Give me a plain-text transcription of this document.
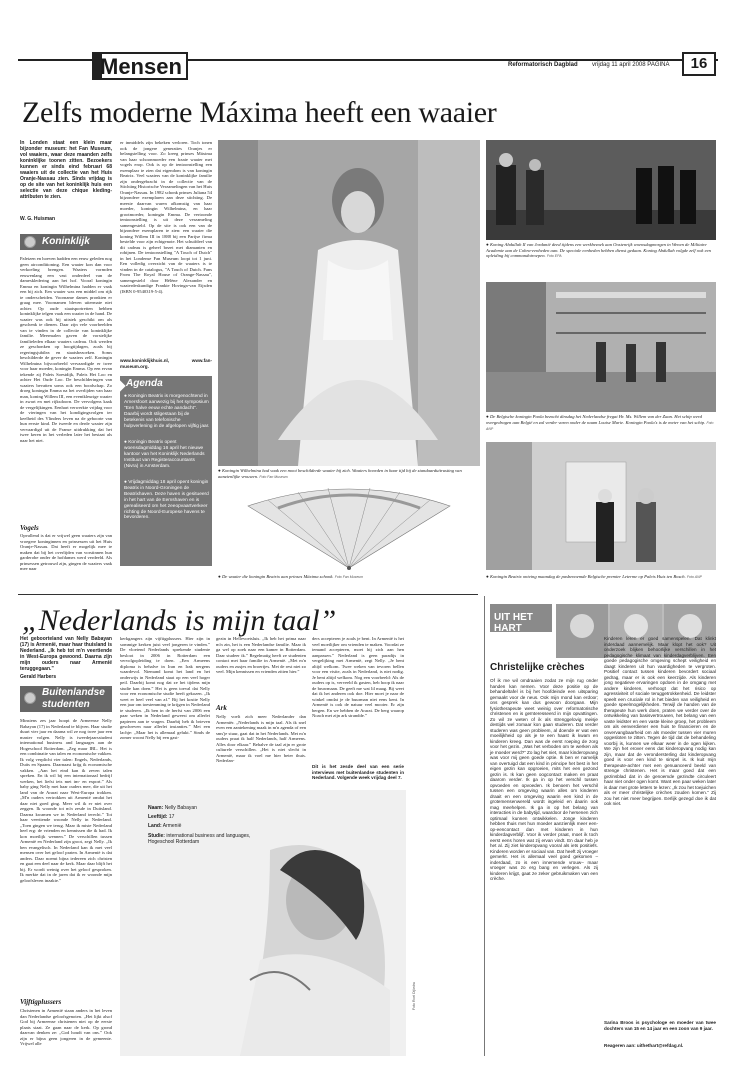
Mensen	Reformatorisch Dagblad vrijdag 11 april 2008 PAGINA	16
Zelfs moderne Máxima heeft een waaier
In Londen staat een klein maar bijzonder museum: het Fan Museum, vol waaiers, waar deze maanden zelfs koninklijke toonen zitten. Bezoekers kunnen er sinds eind februari 68 waaiers uit de collectie van het Huis Oranje-Nassau zien. Sinds vrijdag is op de site van het koninklijk huis een selectie van deze chique kledingattributen te zien.
W. G. Huisman
Koninklijk
Paleizen en hoeven hadden een eeuw geleden nog geen airconditioning. Een waaier kon dan voor verkoeling brengen. Waaiers vormden eeuwenlang een vast onderdeel van de dameskledering aan het hof. Vooral koningin Emma en koningin Wilhelmina hadden er vaak een bij zich. Een waaier was een middel om rijk te onderscheiden. Voorname dames pronkten er graag mee. Voornamen bleven uitermate niet achter. Op oude staatsportretten hebben koninklijke telgen vaak een waaier in de hand. De waaier was ook bij uitstek geschikt om als geschenk te dienen. Daar zijn vele voorbeelden van te vinden in de collectie van koninklijke familie. Meermalen gaven de vorstelijke familieleden elkaar waaiers cadeau. Ook werden ze geschonken op hoogtijdagen, zoals bij regeringsjubilea en staatsbezoeken. Soms beschilderde de gever de waaiers zelf. Koningin Wilhelmina bijvoorbeeld vervaardigde er twee voor haar moeder, koningin Emma. Op een ervan tekende zij Paleis Soestdijk, Paleis Het Loo en achter Het Oude Loo. De beschilderingen van waaiers bevatten soms ook een boodschap. Zo droeg koningin Emma na het overlijden van haar man, koning Willem III, een eventkleurige waaier in zwart en met rijksdoorn. De vervolgens kaak de vergelijkingen. Eenhart verwerkte vrijdag voor de vieringen van het kondigingsvolgen ter keelheid des Vlinders leven na de geboorte van hun eerste kind. De tweede en derde waaier zijn vervaardigd uit de Franse uitdrukking dat het twee keren in het verleden later het bestaat als naar het niet.
Vogels
Opvallend is dat er vrijwel geen waaiers zijn van vroegere koninginnen en prinsessen uit het Huis Oranje-Nassau. Dat heeft er mogelijk mee te maken dat bij het overlijden van vorstinnen hun garderobe onder de hofdames werd verdeeld. Als prinsessen getrouwd zijn, gingen de waaiers vaak mee naar
er inmiddels zijn bekeken verloren. Toch tonen ook de jongere generaties Oranjes er belangstelling voor. Zo kreeg prinses Máxima van haar schoonmoeder een fraaie waaier met vogels erop. Ook is op de tentoonstelling een exemplaar te zien dat eigendom is van koningin Beatrix. Veel waaiers van de koninklijke familie zijn ondergebracht in de collectie van de Stichting Historische Verzamelingen van het Huis Oranje-Nassau. In 1982 schonk prinses Juliana 54 bijzondere exemplaren aan deze stichting. De meeste daarvan waren afkomstig van haar moeder, koningin Wilhelmina, en haar grootmoeder, koningin Emma. De vertoonde tentoonstelling is uit deze verzameling samengesteld. Op de site is ook een van de bijzondere exemplaren te zien: een waaier die koning Willem III in 1888 bij een Parijse firma bestelde voor zijn echtgenote. Het schuifdeel van dit cadeau is geheel bezet met diamanten en robijnen. De tentoonstelling "A Touch of Dutch" in het Londense Fan Museum loopt tot 1 juni. Een volledig overzicht van de waaiers is te vinden in de catalogus, "A Touch of Dutch. Fans From The Royal House of Orange-Nassau", samengesteld door Hélène Alexander en waaierdeskundige Frankie Hovinga-van Eijsden (ISBN 0-9540319-5-4).
www.koninklijkhuis.nl, www.fan-museum.org.
Agenda
● Koningin Beatrix is morgenochtend in Amersfoort aanwezig bij het symposium "Een halve eeuw echte aandacht". Daarbij wordt stilgestaan bij de betekenis van telefonische hulpverlening in de afgelopen vijftig jaar.
● Koningin Beatrix opent woensdagmiddag 16 april het nieuwe kantoor van het Koninklijk Nederlands Instituut van Registeraccountants (Nivra) in Amsterdam.
● Vrijdagmiddag 18 april opent koningin Beatrix in Noord-Groningen de Beatrixhaven. Deze haven is gesitueerd in het hart van de Eemshaven en is gerealiseerd om het zeeopvaartverkeer richting de Noord-Europese havens te bevorderen.
● Koningin Wilhelmina had vaak een mooi beschilderde waaier bij zich. Waaiers hoorden in haar tijd bij de standaarduitrusting van aanzienlijke vrouwen. Foto Fan Museum
● De waaier die koningin Beatrix aan prinses Máxima schonk. Foto Fan Museum
● Koning Abdullah II van Jordanië deed tijdens een werkbezoek aan Oostenrijk woensdagmorgen in Wenen de Militaire Academie aan de Cobra-eenheden aan. De speciale eenheden hebben dienst gedaan. Koning Abdullah volgde zelf ook een opleiding bij commandotroepen. Foto EPA
● De Belgische koningin Paola bezocht dinsdag het Nederlandse fregat Hr. Ms. Willem van der Zaan. Het schip werd overgedragen aan België en zal verder varen onder de naam Louise Marie. Koningin Paola's is de meter van het schip. Foto ANP
● Koningin Beatrix ontving maandag de pasbenoemde Belgische premier Leterme op Paleis Huis ten Bosch. Foto ANP
„Nederlands is mijn taal”
Het geboorteland van Nelly Babayan (17) is Armenië, maar haar thuisland is Nederland. „Ik heb tot m'n veertiende in West-Europa gewoond. Daarna zijn mijn ouders naar Armenië teruggegaan.”
Gerald Harbers
Buitenlandse
studenten
Minstens zes jaar hoopt de Armeense Nelly Babayan (17) in Nederland te blijven. Haar studie duurt vier jaar en daarna wil ze nog twee jaar een master volgen. Nelly is tweedejaarsstudent international business and languages aan de Hogeschool Rotterdam. „Zeg maar IBL. Het is een combinatie van talen en economische vakken. Ik volg verplicht vier talen: Engels, Nederlands, Duits en Spaans. Daarnaast krijg ik economische vakken. „Aan het eind kan ik zeven talen spreken. En ik wil bij een internationaal bedrijf werken, het liefst iets met im- en export.” Als baby ging Nelly met haar ouders mee, die uit het land van de Ararat naar West-Europa trokken. „M'n ouders vertrokken uit Armenië omdat het daar niet goed ging. Meer wil ik er niet over zeggen. Ik woonde tot m'n zesde in Duitsland. Daarna kwamen we in Nederland terecht.” Tot haar veertiende woonde Nelly in Nederland. „Toen gingen we terug. Maar ik miste Nederland heel erg: de vrienden en kennissen die ik had. Ik kon moeilijk wennen.” De verschillen tussen Armenië en Nederland zijn groot, zegt Nelly. „Ik ben evangelisch. In Nederland kan ik met veel mensen over het geloof praten. In Armenië is dat anders. Daar noemt bijna iedereen zich christen en gaat een deel naar de kerk. Maar daar blijft het bij. Er wordt weinig over het geloof gesproken. Ik merkte dat in de jaren dat ik er woonde mijn geloofsleven inzakte.”
Vijftigplussers
Christenen in Armenië staan anders in het leven dan Nederlandse geloofsgenoten. „Het lijkt alsof God bij Armeense christenen niet op de eerste plaats staat. Ze gaan naar de kerk. Op grond daarvan denken ze: „God houdt van ons.” Ook zijn er bijna geen jongeren in de gemeente. Vrijwel alle
kerkgangers zijn vijftigplussers. Hier zijn in sommige kerken juist veel jongeren te vinden.” De vloeiend Nederlands sprekende studente besloot in 2006 in Rotterdam een vervolgopleiding te doen. „Een Armeens diploma is behalve in Iran en Irak nergens waardevol. Niemand komt het land en het onderwijs in Nederland staat op een veel hoger peil. Daarbij komt nog dat ze het tijdens mijn studie kan doen.” Het is geen toeval dat Nelly voor een economische studie heeft gekozen. „Ik weet er heel veel van af.” Bij het kostte Nelly een jaar om toestemming te krijgen in Nederland te studeren. „Ik ben in de herfst van 2006 een paar weken in Nederland geweest om allerlei papieren aan te vragen. Daarbij heb ik brieven geschreven naar allerlei instanties.” Met een lachje: „Maar het is allemaal gelukt.” Sinds de zomer woont Nelly bij een gast-
gezin in Hellevoetsluis. „Ik heb het prima naar m'n zin, het is een Nederlandse familie. Maar ik ga wel op zoek naar een kamer in Rotterdam. Daar studeer ik.” Regelmatig heeft ze studenten contact met haar familie in Armenië. „Met m'n ouders en zusjes en broertjes. Met de rest niet zo veel. Mijn kennissen en vrienden zitten hier.”
Ark
Nelly voelt zich meer Nederlander dan Armeniër. „Nederlands is mijn taal. Als ik snel even een aantekening maak in m'n agenda of een sms'je stuur, gaat dat in het Nederlands. Met m'n ouders praat ik half Nederlands, half Armeens. Alles door elkaar.” Behalve de taal zijn er grote culturele verschillen. „Het is niet slecht in Armenië, maar ik voel me hier beter thuis. Nederlan-
ders accepteren je zoals je bent. In Armenië is het veel moeilijker om vrienden te maken. Voordat ze iemand accepteren, moet hij zich aan hen aanpassen.” Nederland is geen paradijs in vergelijking met Armenië, zegt Nelly. „Je bent altijd welkom. Twee weken van tevoren bellen voor een visite, zoals in Nederland, is niet nodig. Je bent altijd welkom. Nog een voorbeeld: Als de ouders op is, verveeld ik gasten, heb hoop ik naar de bruwmaan. De geeft me wat lil maag. Bij weet dat ik het anderen ook doe. Hier moet je naar de winkel omdat je de buurman niet eens kent. In Armenië is ook de natuur veel mooier. Er zijn bergen. En we hebben de Ararat. De berg waarop Noach met zijn ark strandde.”
Dit is het zesde deel van een serie interviews met buitenlandse studenten in Nederland. Volgende week vrijdag deel 7.
Naam: Nelly Babayan
Leeftijd: 17
Land: Armenië
Studie: international business and languages, Hogeschool Rotterdam
Foto Roel Dijkstra
UIT HET HART
Christelijke crèches
Of ik me wil omdraaien zodat ze mijn rug onder handen kan nemen. Voor deze positie op de behandeltafel is bij het hoofdeinde een uitsparing gemaakt voor de neus. Ook mijn mond kan erdoor; ons gesprek kan dus gewoon doorgaan. Mijn fysiotherapeute weet weinig over reformatorische christenen en is geïnteresseerd in mijn opvattingen. Zo wil ze weten of ik als strenggelovig meisje destijds wel zomaar kon gaan studeren. Dat verder studeren was geen probleem, al doende er wat een moeilijkheid op als je te een haast ik kwam en kinderen kreeg. Dan was de eerst roeping de zorg voor het gezin. „Was het verboden om te werken als je moeder werd?” Zo lag het niet, maar kinderopvang was voor mij geen goede optie. Ik ben er namelijk van overtuigd dat een kind in principe het best in het eigen gezin kan opgroeien, mits het een gezond gezin is. Ik kan geen oogcontact maken en praat daarom verder. Ik ga in op het verschil tussen opvoeden en opvoeden. Ik benoem het verschil tussen een omgeving waarin alles om kinderen draait en een omgeving waarin een kind in de grotemensenwereld wordt ingeleid en daarin ook mag meehelpen. Ik ga in op het belang van interacties in de babytijd, waardoor de hersenen zich optimaal kunnen ontwikkelen. Jonge kinderen hebben thuis met hun moeder aanzienlijk meer een-op-eencontact dan met kinderen in hun kinderdagverblijf. Voor ik verder praat, moet ik toch eerst eens horen wat zij ervan vindt. En daar heb je het al. Zij ziet kinderopvang vooral als iets positiefs. Kinderen worden er sociaal van. Dat heeft zij vroeger gemerkt. Het is allemaal veel goed gekomen –inderdaad, zo is een innemende vrouw– maar vroeger was zo erg bang en verlegen. Als zij kinderen krijgt, gaat ze zeker gebruikmaken van een crèche.
Kinderen leren er goed samenspelen. Dat klinkt inderdaad aannemelijk. Maar klopt het ook? Uit onderzoek blijken behoorlijke verschillen in het pedagogische klimaat van kinderdagverblijven. Een goede pedagogische omgeving schept veiligheid en daagt kinderen uit hun vaardigheden te vergroten. Positief contact tussen kinderen bevordert sociaal gedrag, maar er is ook een keerzijde. Als kinderen jong negatieve ervaringen opdoen in de omgang met andere kinderen, verhoogt dat het risico op agressiviteit of sociale teruggetrokkenheid. De leidster speelt een cruciale rol in het bieden van veiligheid en goede speelmogelijkheden. Terwijl de handen van de therapeute hun werk doen, praten we verder over de ontwikkeling van basisvertrouwen, het belang van een vaste leidster en een vaste kleine groep, het probleem om als eenverdiener een huis te financieren en de onvervangbaarheid om als moeder tussen vier muren opgesloten te zitten. Tegen de tijd dat de behandeling voorbij is, kunnen we elkaar weer in de ogen kijken. We zijn het erover eens dat kinderopvang nodig kan zijn, maar dat de verondersteIling dat kinderopvang goed is voor een kind te simpel is. Ik kuit mijn therapeute-achter met een genuanceerd beeld van strenge christenen. Het is maar goed dat een gezinsblad dat in de genoemde gezindte circuleert haar niet onder ogen komt. Want een paar weken later is daar met grote letters te lezen: „Ik zou het toejuichen als er meer christelijke crèches zouden komen.” Zij zou het niet meer begrijpen. Eerlijk gezegd doe ik dat ook niet.
Sarina Broos is psychologe en moeder van twee dochters van 15 en 14 jaar en een zoon van 9 jaar.
Reageren aan: uithethart@refdag.nl.
